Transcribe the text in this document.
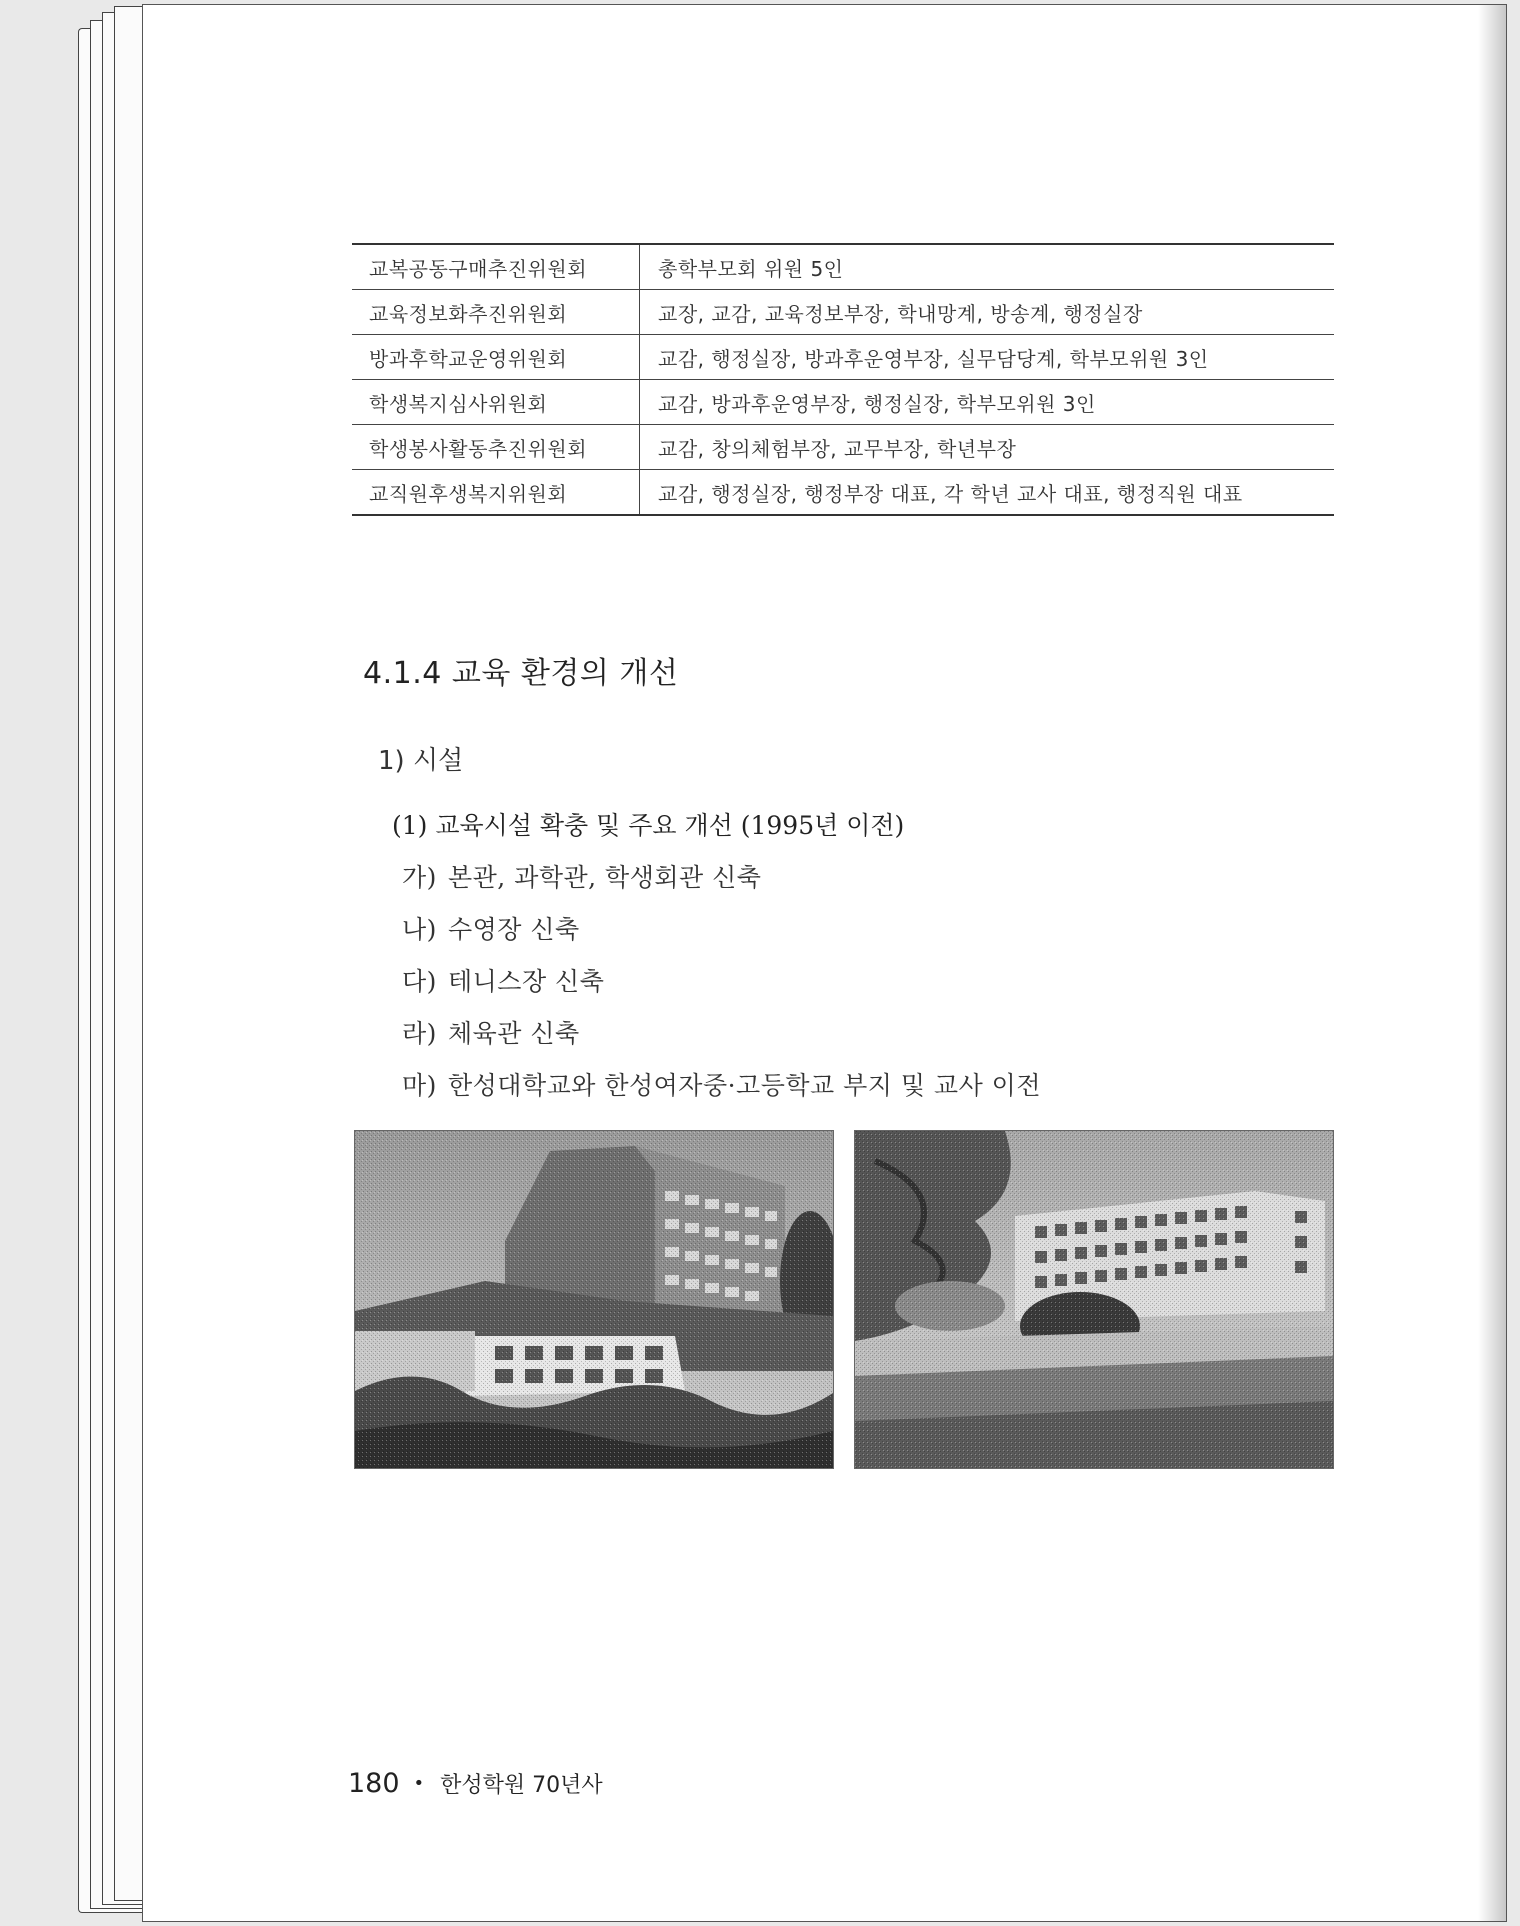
교복공동구매추진위원회	총학부모회 위원 5인
교육정보화추진위원회	교장, 교감, 교육정보부장, 학내망계, 방송계, 행정실장
방과후학교운영위원회	교감, 행정실장, 방과후운영부장, 실무담당계, 학부모위원 3인
학생복지심사위원회	교감, 방과후운영부장, 행정실장, 학부모위원 3인
학생봉사활동추진위원회	교감, 창의체험부장, 교무부장, 학년부장
교직원후생복지위원회	교감, 행정실장, 행정부장 대표, 각 학년 교사 대표, 행정직원 대표
4.1.4 교육 환경의 개선
1) 시설
(1) 교육시설 확충 및 주요 개선 (1995년 이전)
가) 본관, 과학관, 학생회관 신축
나) 수영장 신축
다) 테니스장 신축
라) 체육관 신축
마) 한성대학교와 한성여자중·고등학교 부지 및 교사 이전
180 • 한성학원 70년사
